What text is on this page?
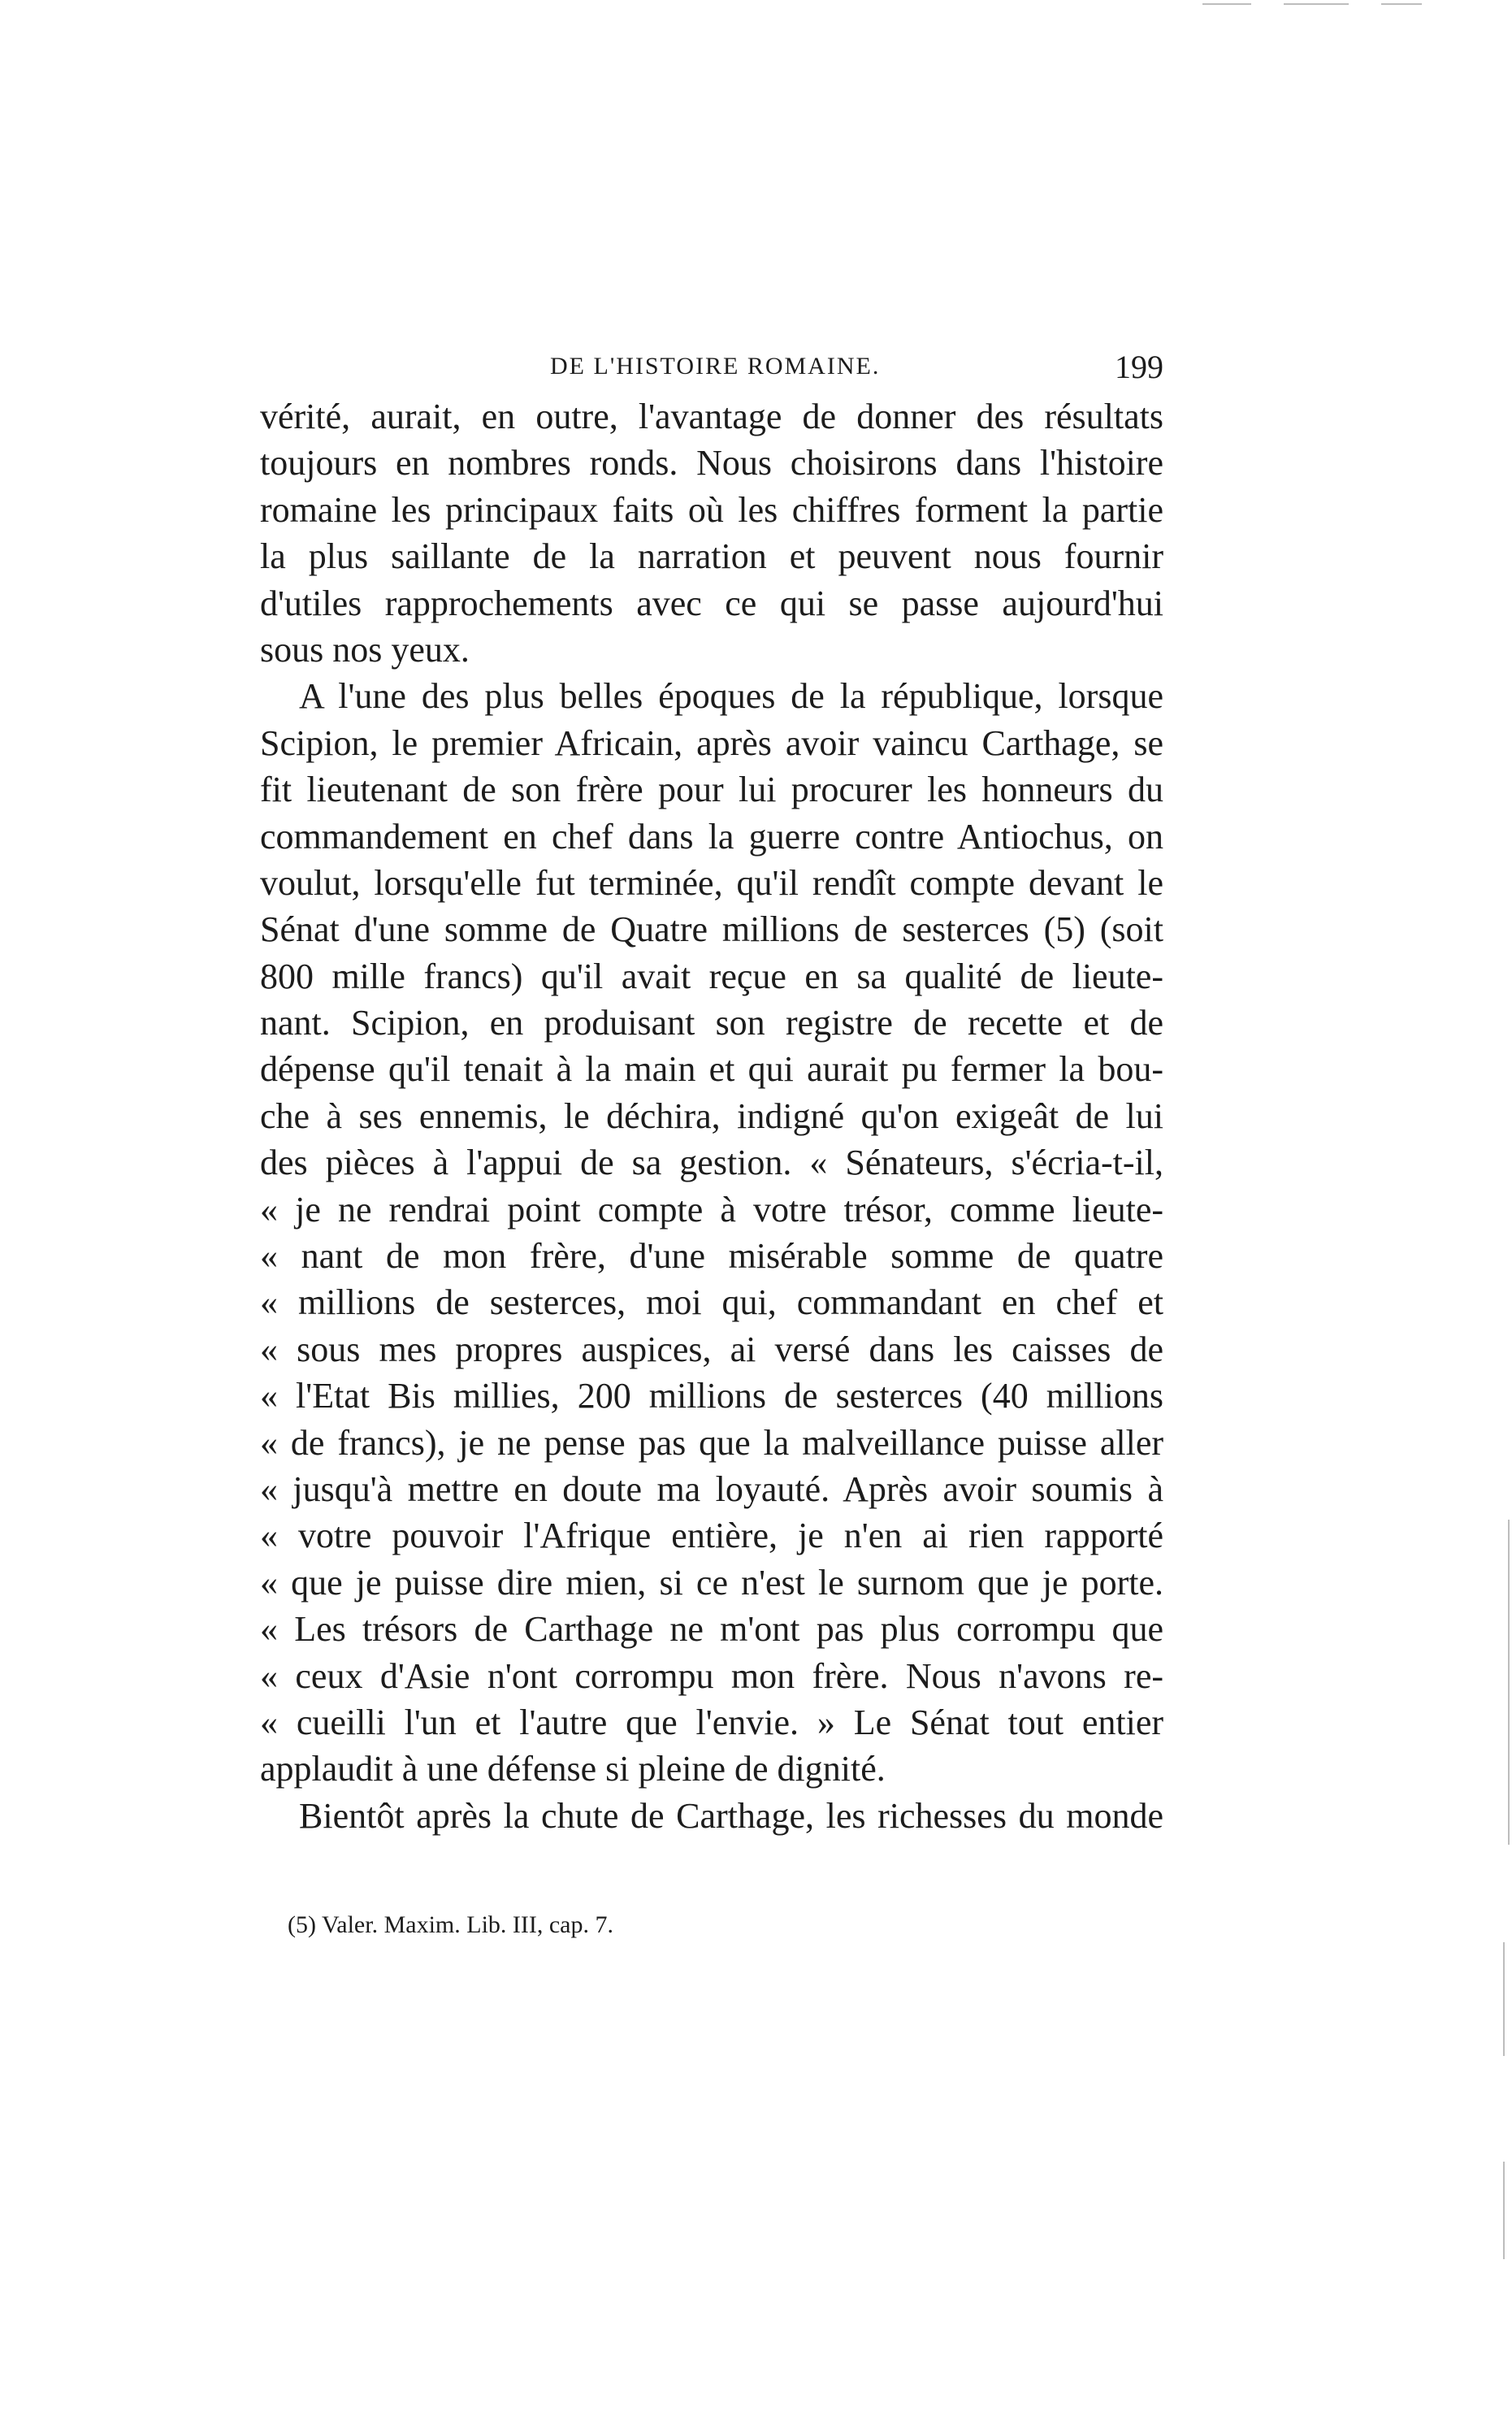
DE L'HISTOIRE ROMAINE.	199
vérité, aurait, en outre, l'avantage de donner des résultats
toujours en nombres ronds. Nous choisirons dans l'histoire
romaine les principaux faits où les chiffres forment la partie
la plus saillante de la narration et peuvent nous fournir
d'utiles rapprochements avec ce qui se passe aujourd'hui
sous nos yeux.
A l'une des plus belles époques de la république, lorsque
Scipion, le premier Africain, après avoir vaincu Carthage, se
fit lieutenant de son frère pour lui procurer les honneurs du
commandement en chef dans la guerre contre Antiochus, on
voulut, lorsqu'elle fut terminée, qu'il rendît compte devant le
Sénat d'une somme de Quatre millions de sesterces (5) (soit
800 mille francs) qu'il avait reçue en sa qualité de lieute-
nant. Scipion, en produisant son registre de recette et de
dépense qu'il tenait à la main et qui aurait pu fermer la bou-
che à ses ennemis, le déchira, indigné qu'on exigeât de lui
des pièces à l'appui de sa gestion. « Sénateurs, s'écria-t-il,
« je ne rendrai point compte à votre trésor, comme lieute-
« nant de mon frère, d'une misérable somme de quatre
« millions de sesterces, moi qui, commandant en chef et
« sous mes propres auspices, ai versé dans les caisses de
« l'Etat Bis millies, 200 millions de sesterces (40 millions
« de francs), je ne pense pas que la malveillance puisse aller
« jusqu'à mettre en doute ma loyauté. Après avoir soumis à
« votre pouvoir l'Afrique entière, je n'en ai rien rapporté
« que je puisse dire mien, si ce n'est le surnom que je porte.
« Les trésors de Carthage ne m'ont pas plus corrompu que
« ceux d'Asie n'ont corrompu mon frère. Nous n'avons re-
« cueilli l'un et l'autre que l'envie. » Le Sénat tout entier
applaudit à une défense si pleine de dignité.
Bientôt après la chute de Carthage, les richesses du monde
(5) Valer. Maxim. Lib. III, cap. 7.
